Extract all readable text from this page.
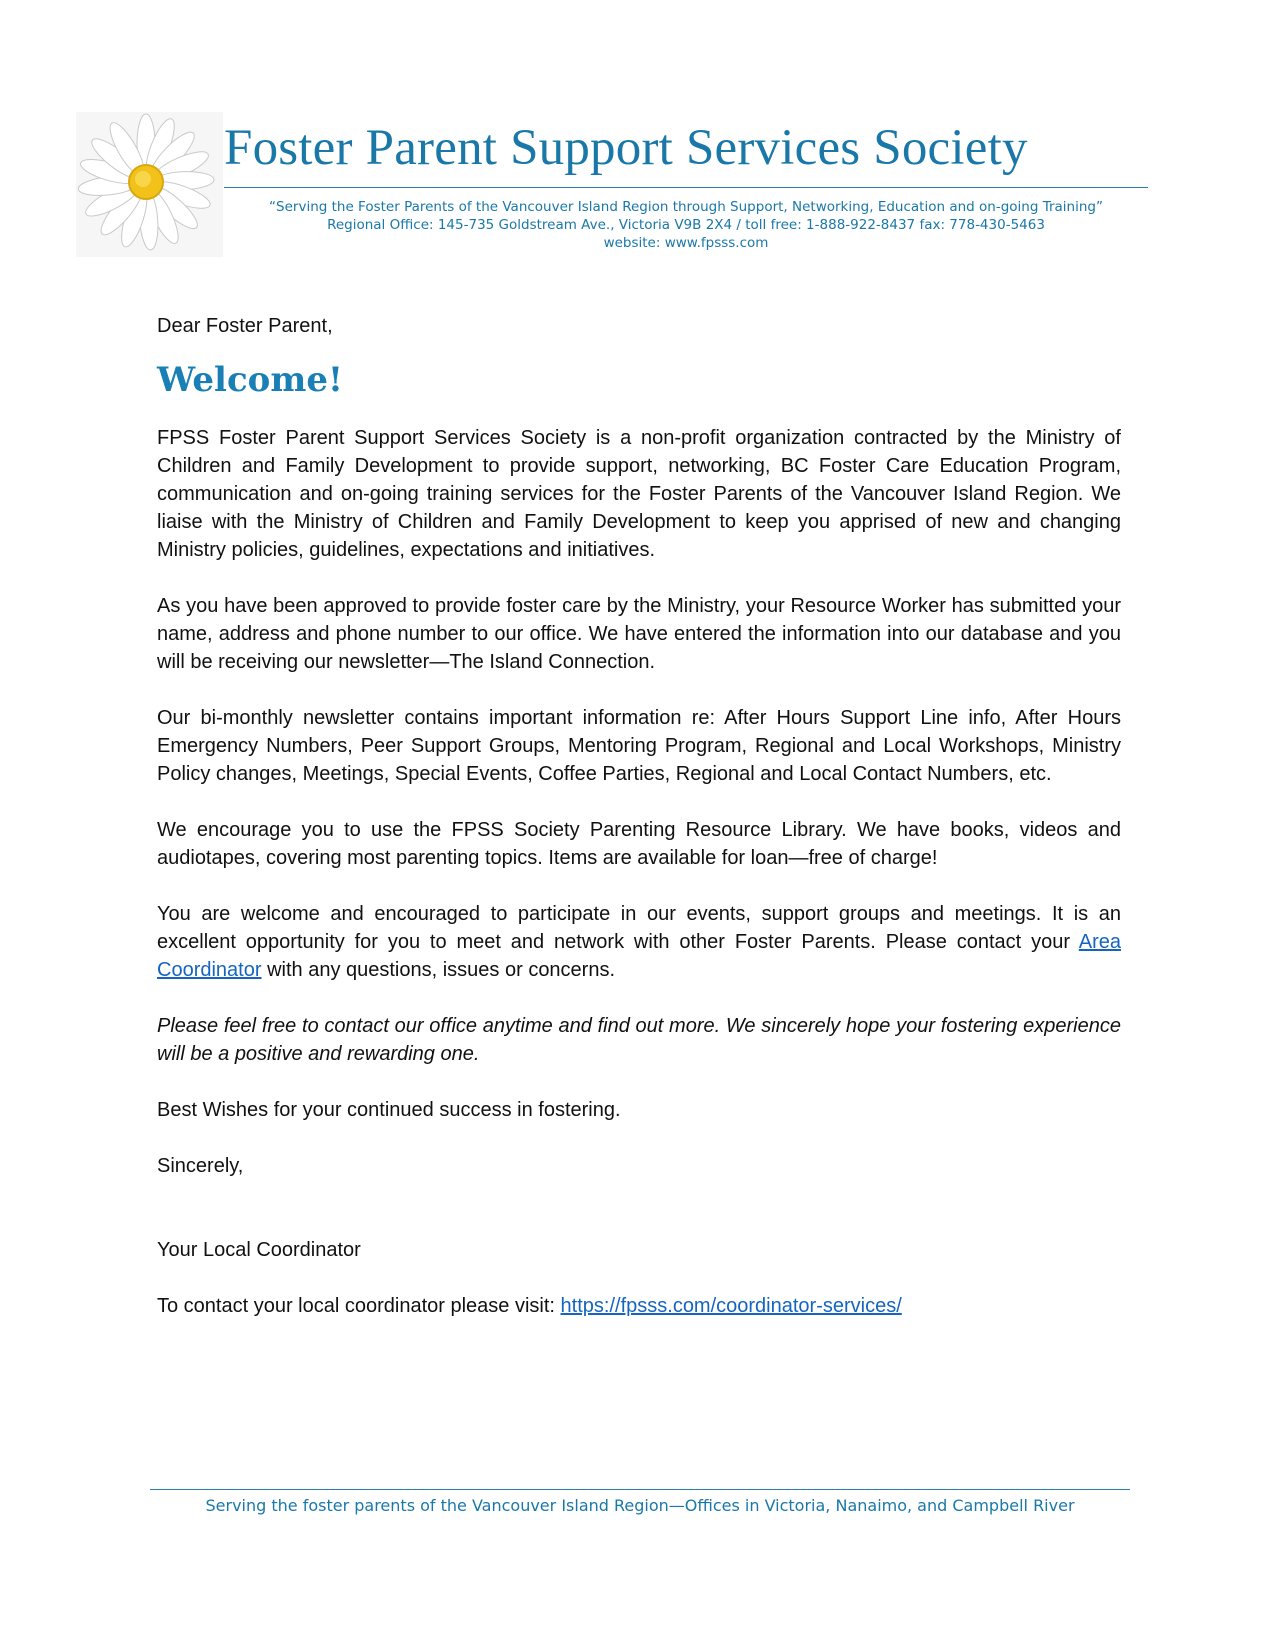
Foster Parent Support Services Society
“Serving the Foster Parents of the Vancouver Island Region through Support, Networking, Education and on-going Training”
Regional Office: 145-735 Goldstream Ave., Victoria V9B 2X4 / toll free: 1-888-922-8437 fax: 778-430-5463
website: www.fpsss.com

Dear Foster Parent,

Welcome!

FPSS Foster Parent Support Services Society is a non-profit organization contracted by the Ministry of Children and Family Development to provide support, networking, BC Foster Care Education Program, communication and on-going training services for the Foster Parents of the Vancouver Island Region. We liaise with the Ministry of Children and Family Development to keep you apprised of new and changing Ministry policies, guidelines, expectations and initiatives.

As you have been approved to provide foster care by the Ministry, your Resource Worker has submitted your name, address and phone number to our office. We have entered the information into our database and you will be receiving our newsletter—The Island Connection.

Our bi-monthly newsletter contains important information re: After Hours Support Line info, After Hours Emergency Numbers, Peer Support Groups, Mentoring Program, Regional and Local Workshops, Ministry Policy changes, Meetings, Special Events, Coffee Parties, Regional and Local Contact Numbers, etc.

We encourage you to use the FPSS Society Parenting Resource Library. We have books, videos and audiotapes, covering most parenting topics. Items are available for loan—free of charge!

You are welcome and encouraged to participate in our events, support groups and meetings. It is an excellent opportunity for you to meet and network with other Foster Parents. Please contact your Area Coordinator with any questions, issues or concerns.

Please feel free to contact our office anytime and find out more. We sincerely hope your fostering experience will be a positive and rewarding one.

Best Wishes for your continued success in fostering.

Sincerely,

Your Local Coordinator

To contact your local coordinator please visit: https://fpsss.com/coordinator-services/

Serving the foster parents of the Vancouver Island Region—Offices in Victoria, Nanaimo, and Campbell River
